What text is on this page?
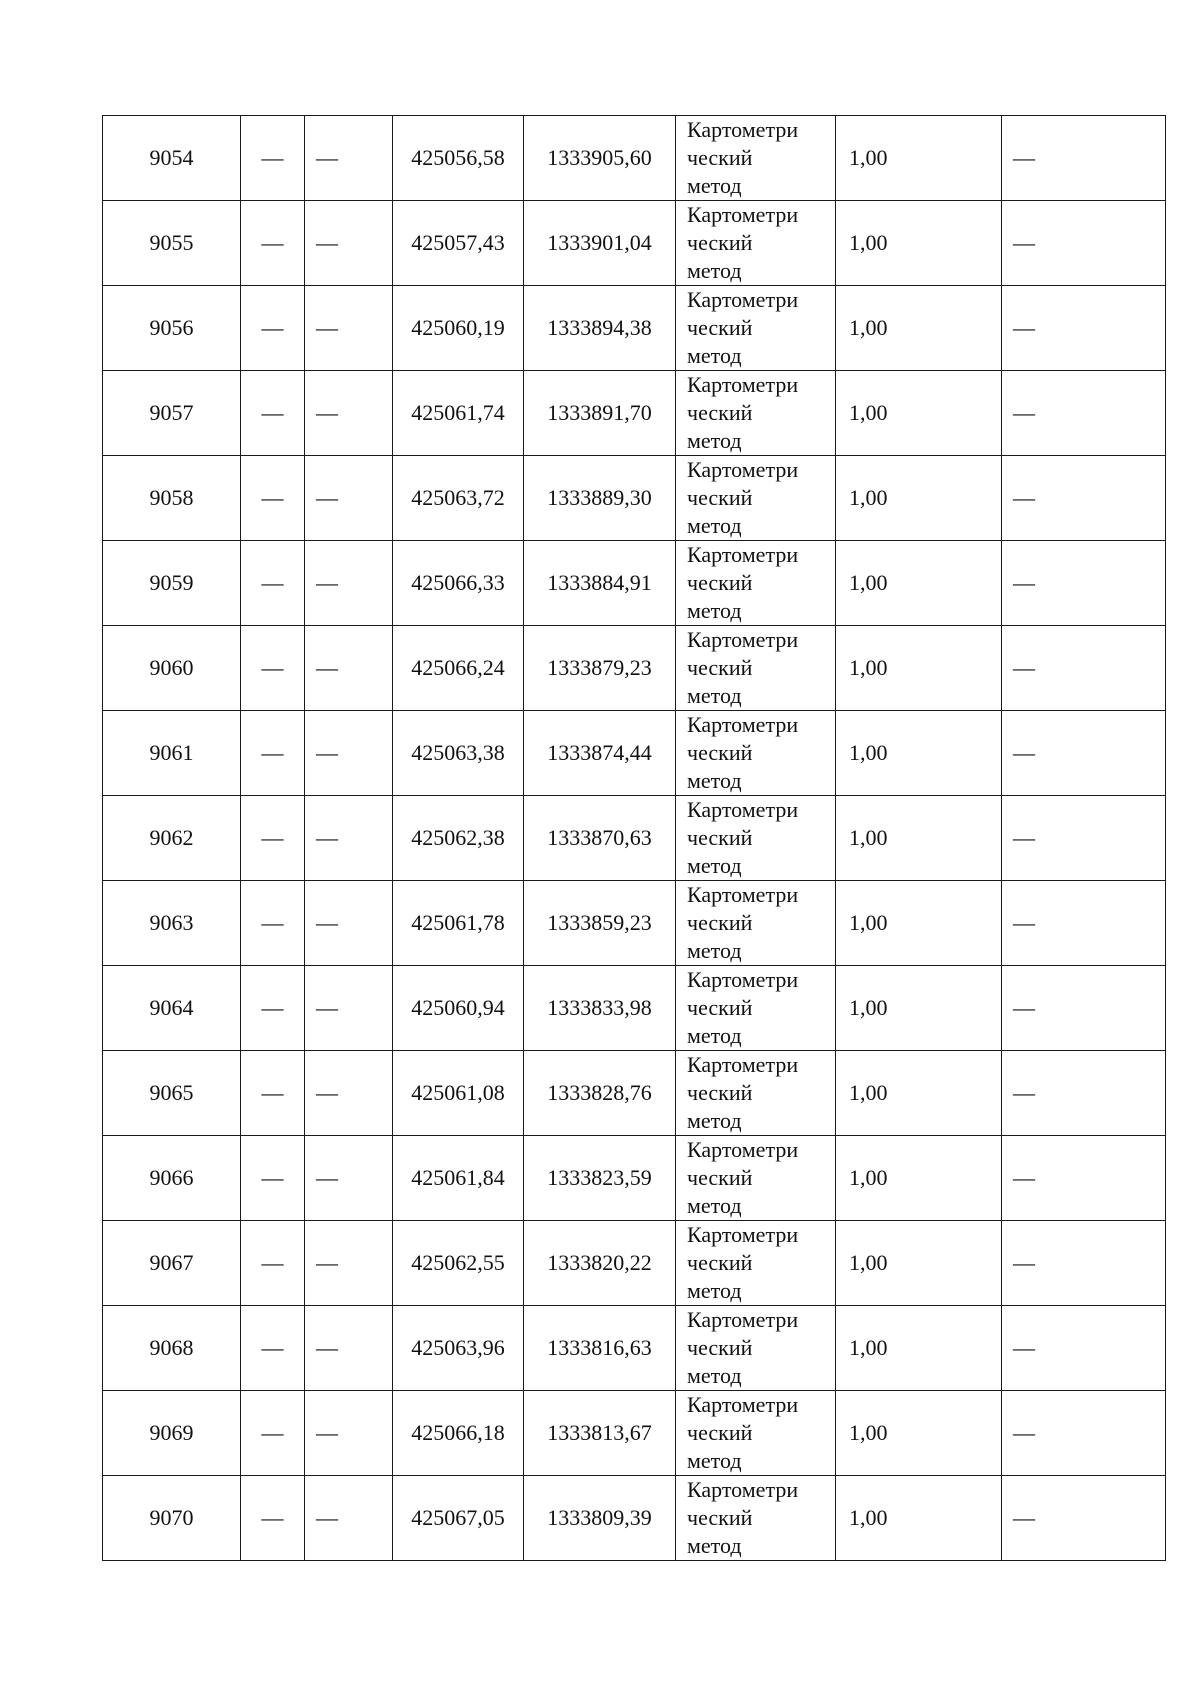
9054	—	—	425056,58	1333905,60	Картометри
ческий
метод	1,00	—
9055	—	—	425057,43	1333901,04	Картометри
ческий
метод	1,00	—
9056	—	—	425060,19	1333894,38	Картометри
ческий
метод	1,00	—
9057	—	—	425061,74	1333891,70	Картометри
ческий
метод	1,00	—
9058	—	—	425063,72	1333889,30	Картометри
ческий
метод	1,00	—
9059	—	—	425066,33	1333884,91	Картометри
ческий
метод	1,00	—
9060	—	—	425066,24	1333879,23	Картометри
ческий
метод	1,00	—
9061	—	—	425063,38	1333874,44	Картометри
ческий
метод	1,00	—
9062	—	—	425062,38	1333870,63	Картометри
ческий
метод	1,00	—
9063	—	—	425061,78	1333859,23	Картометри
ческий
метод	1,00	—
9064	—	—	425060,94	1333833,98	Картометри
ческий
метод	1,00	—
9065	—	—	425061,08	1333828,76	Картометри
ческий
метод	1,00	—
9066	—	—	425061,84	1333823,59	Картометри
ческий
метод	1,00	—
9067	—	—	425062,55	1333820,22	Картометри
ческий
метод	1,00	—
9068	—	—	425063,96	1333816,63	Картометри
ческий
метод	1,00	—
9069	—	—	425066,18	1333813,67	Картометри
ческий
метод	1,00	—
9070	—	—	425067,05	1333809,39	Картометри
ческий
метод	1,00	—
